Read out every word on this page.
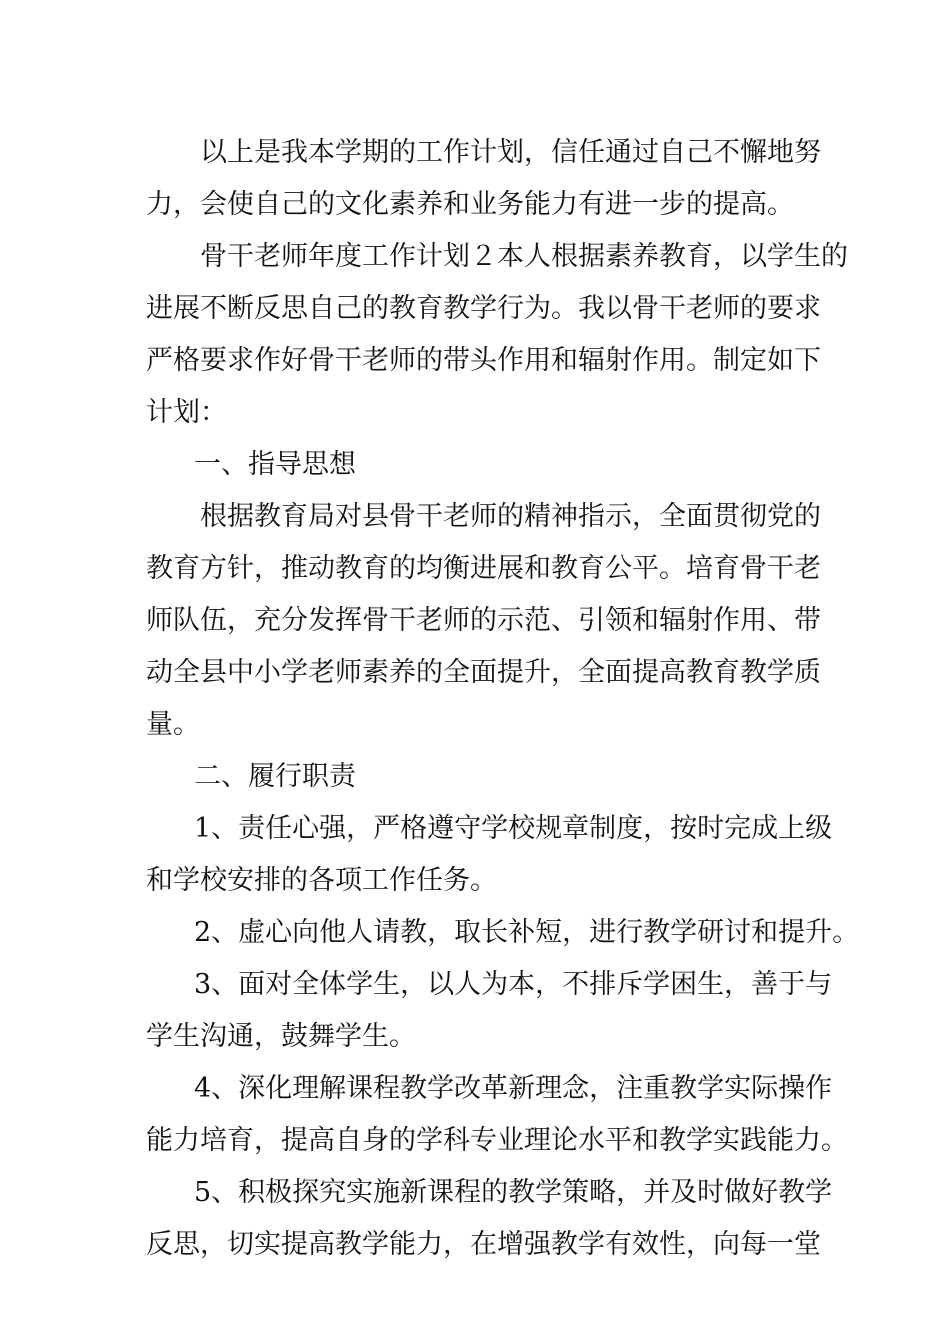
以上是我本学期的工作计划，信任通过自己不懈地努
力，会使自己的文化素养和业务能力有进一步的提高。
骨干老师年度工作计划２本人根据素养教育，以学生的
进展不断反思自己的教育教学行为。我以骨干老师的要求
严格要求作好骨干老师的带头作用和辐射作用。制定如下
计划：
一、指导思想
根据教育局对县骨干老师的精神指示，全面贯彻党的
教育方针，推动教育的均衡进展和教育公平。培育骨干老
师队伍，充分发挥骨干老师的示范、引领和辐射作用、带
动全县中小学老师素养的全面提升，全面提高教育教学质
量。
二、履行职责
1、责任心强，严格遵守学校规章制度，按时完成上级
和学校安排的各项工作任务。
2、虚心向他人请教，取长补短，进行教学研讨和提升。
3、面对全体学生，以人为本，不排斥学困生，善于与
学生沟通，鼓舞学生。
4、深化理解课程教学改革新理念，注重教学实际操作
能力培育，提高自身的学科专业理论水平和教学实践能力。
5、积极探究实施新课程的教学策略，并及时做好教学
反思，切实提高教学能力，在增强教学有效性，向每一堂
